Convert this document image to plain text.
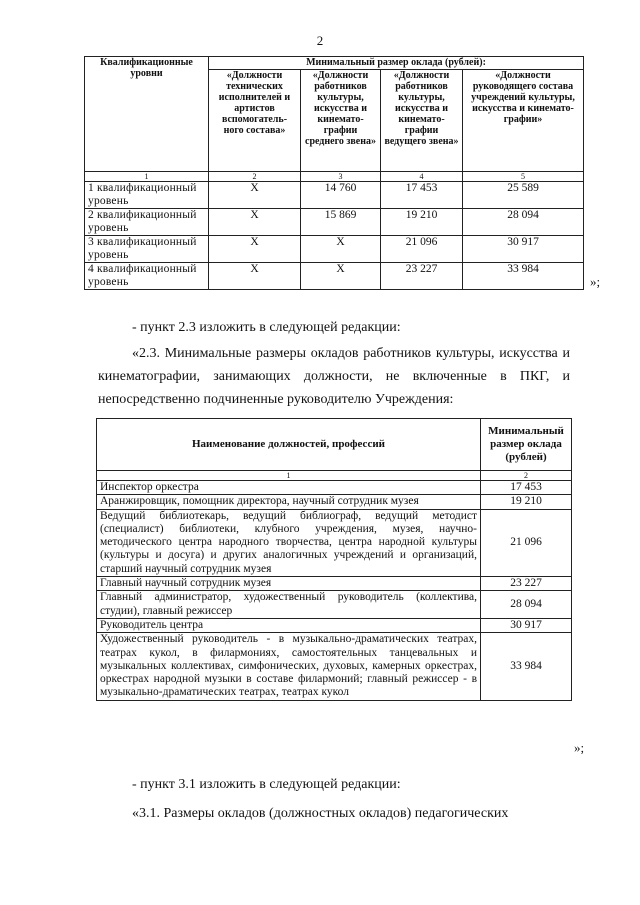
2
Квалификационные уровни	Минимальный размер оклада (рублей):			
	«Должности технических исполнителей и артистов вспомогатель-ного состава»	«Должности работников культуры, искусства и кинемато-графии среднего звена»	«Должности работников культуры, искусства и кинемато-графии ведущего звена»	«Должности руководящего состава учреждений культуры, искусства и кинемато-графии»
1	2	3	4	5
1 квалификационный уровень	Х	14 760	17 453	25 589
2 квалификационный уровень	Х	15 869	19 210	28 094
3 квалификационный уровень	Х	Х	21 096	30 917
4 квалификационный уровень	Х	Х	23 227	33 984
»;
- пункт 2.3 изложить в следующей редакции:
«2.3. Минимальные размеры окладов работников культуры, искусства и кинематографии, занимающих должности, не включенные в ПКГ, и непосредственно подчиненные руководителю Учреждения:
Наименование должностей, профессий	Минимальный размер оклада (рублей)
1	2
Инспектор оркестра	17 453
Аранжировщик, помощник директора, научный сотрудник музея	19 210
Ведущий библиотекарь, ведущий библиограф, ведущий методист (специалист) библиотеки, клубного учреждения, музея, научно-методического центра народного творчества, центра народной культуры (культуры и досуга) и других аналогичных учреждений и организаций, старший научный сотрудник музея	21 096
Главный научный сотрудник музея	23 227
Главный администратор, художественный руководитель (коллектива, студии), главный режиссер	28 094
Руководитель центра	30 917
Художественный руководитель - в музыкально-драматических театрах, театрах кукол, в филармониях, самостоятельных танцевальных и музыкальных коллективах, симфонических, духовых, камерных оркестрах, оркестрах народной музыки в составе филармоний; главный режиссер - в музыкально-драматических театрах, театрах кукол	33 984
»;
- пункт 3.1 изложить в следующей редакции:
«3.1. Размеры окладов (должностных окладов) педагогических
